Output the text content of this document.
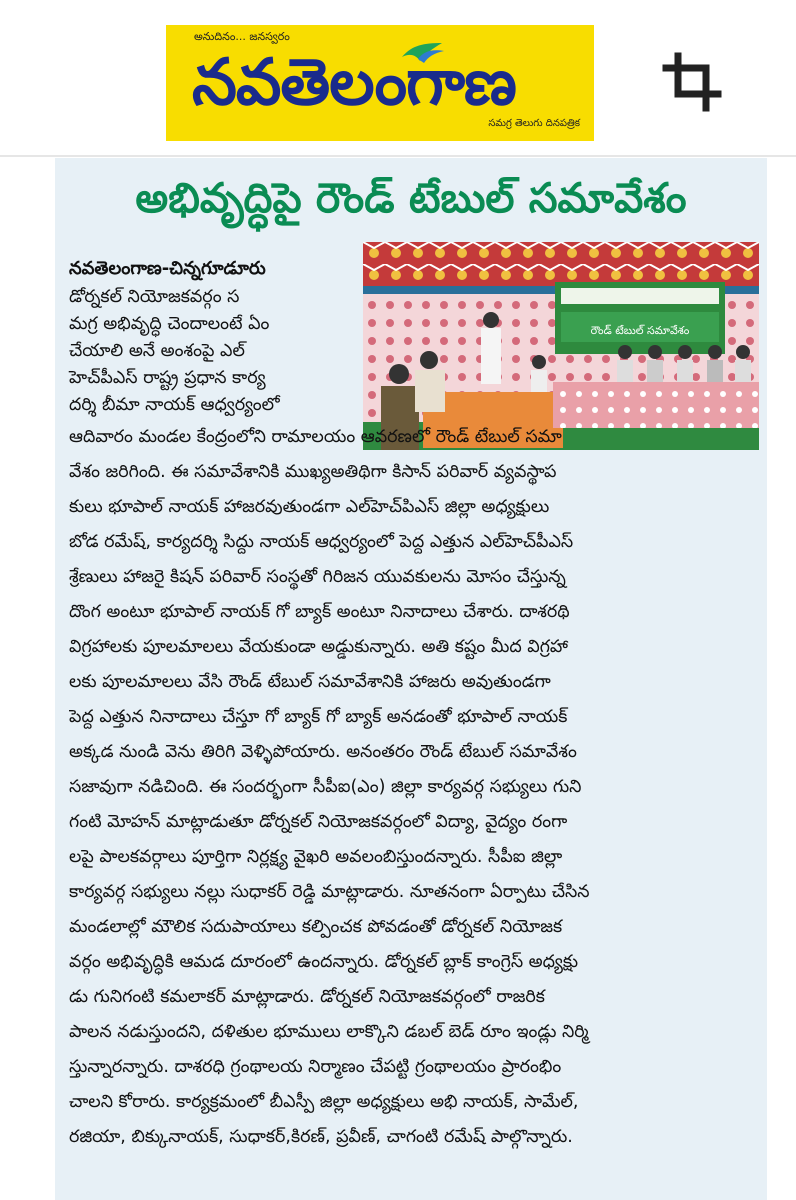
అనుదినం... జనస్వరం
నవతెలంగాణ
సమగ్ర తెలుగు దినపత్రిక
అభివృద్ధిపై రౌండ్ టేబుల్ సమావేశం
నవతెలంగాణ-చిన్నగూడూరు
రౌండ్ టేబుల్ సమావేశం
డోర్నకల్ నియోజకవర్గం స
మగ్ర అభివృద్ధి చెందాలంటే ఏం
చేయాలి అనే అంశంపై ఎల్
హెచ్‌పీఎస్ రాష్ట్ర ప్రధాన కార్య
దర్శి బీమా నాయక్ ఆధ్వర్యంలో
ఆదివారం మండల కేంద్రంలోని రామాలయం ఆవరణలో రౌండ్ టేబుల్ సమా
వేశం జరిగింది. ఈ సమావేశానికి ముఖ్యఅతిథిగా కిసాన్ పరివార్ వ్యవస్థాప
కులు భూపాల్ నాయక్ హాజరవుతుండగా ఎల్‌హెచ్‌పిఎస్ జిల్లా అధ్యక్షులు
బోడ రమేష్, కార్యదర్శి సిద్దు నాయక్ ఆధ్వర్యంలో పెద్ద ఎత్తున ఎల్‌హెచ్‌పీఎస్
శ్రేణులు హాజరై కిషన్ పరివార్ సంస్థతో గిరిజన యువకులను మోసం చేస్తున్న
దొంగ అంటూ భూపాల్ నాయక్ గో బ్యాక్ అంటూ నినాదాలు చేశారు. దాశరథి
విగ్రహాలకు పూలమాలలు వేయకుండా అడ్డుకున్నారు. అతి కష్టం మీద విగ్రహా
లకు పూలమాలలు వేసి రౌండ్ టేబుల్ సమావేశానికి హాజరు అవుతుండగా
పెద్ద ఎత్తున నినాదాలు చేస్తూ గో బ్యాక్ గో బ్యాక్ అనడంతో భూపాల్ నాయక్
అక్కడ నుండి వెను తిరిగి వెళ్ళిపోయారు. అనంతరం రౌండ్ టేబుల్ సమావేశం
సజావుగా నడిచింది. ఈ సందర్భంగా సీపీఐ(ఎం) జిల్లా కార్యవర్గ సభ్యులు గుని
గంటి మోహన్ మాట్లాడుతూ డోర్నకల్ నియోజకవర్గంలో విద్యా, వైద్యం రంగా
లపై పాలకవర్గాలు పూర్తిగా నిర్లక్ష్య వైఖరి అవలంబిస్తుందన్నారు. సీపీఐ జిల్లా
కార్యవర్గ సభ్యులు నల్లు సుధాకర్ రెడ్డి మాట్లాడారు. నూతనంగా ఏర్పాటు చేసిన
మండలాల్లో మౌలిక సదుపాయాలు కల్పించక పోవడంతో డోర్నకల్ నియోజక
వర్గం అభివృద్ధికి ఆమడ దూరంలో ఉందన్నారు. డోర్నకల్ బ్లాక్ కాంగ్రెస్ అధ్యక్షు
డు గునిగంటి కమలాకర్ మాట్లాడారు. డోర్నకల్ నియోజకవర్గంలో రాజరిక
పాలన నడుస్తుందని, దళితుల భూములు లాక్కొని డబల్ బెడ్ రూం ఇండ్లు నిర్మి
స్తున్నారన్నారు. దాశరధి గ్రంథాలయ నిర్మాణం చేపట్టి గ్రంథాలయం ప్రారంభిం
చాలని కోరారు. కార్యక్రమంలో బీఎస్పీ జిల్లా అధ్యక్షులు అభి నాయక్, సామేల్,
రజియా, బిక్కునాయక్, సుధాకర్,కిరణ్, ప్రవీణ్, చాగంటి రమేష్ పాల్గొన్నారు.
